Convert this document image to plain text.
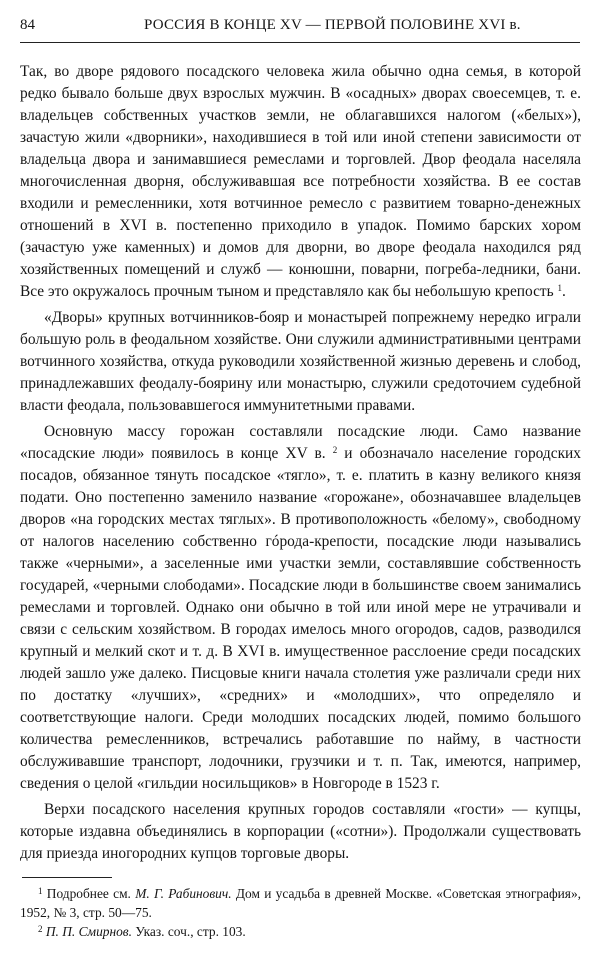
84	РОССИЯ В КОНЦЕ XV — ПЕРВОЙ ПОЛОВИНЕ XVI в.

Так, во дворе рядового посадского человека жила обычно одна семья, в которой редко бывало больше двух взрослых мужчин. В «осадных» дворах своесемцев, т. е. владельцев собственных участков земли, не облагавшихся налогом («белых»), зачастую жили «дворники», находившиеся в той или иной степени зависимости от владельца двора и занимавшиеся ремеслами и торговлей. Двор феодала населяла многочисленная дворня, обслуживавшая все потребности хозяйства. В ее состав входили и ремесленники, хотя вотчинное ремесло с развитием товарно-денежных отношений в XVI в. постепенно приходило в упадок. Помимо барских хором (зачастую уже каменных) и домов для дворни, во дворе феодала находился ряд хозяйственных помещений и служб — конюшни, поварни, погреба-ледники, бани. Все это окружалось прочным тыном и представляло как бы небольшую крепость $^1$.

«Дворы» крупных вотчинников-бояр и монастырей попрежнему нередко играли большую роль в феодальном хозяйстве. Они служили административными центрами вотчинного хозяйства, откуда руководили хозяйственной жизнью деревень и слобод, принадлежавших феодалу-боярину или монастырю, служили средоточием судебной власти феодала, пользовавшегося иммунитетными правами.

Основную массу горожан составляли посадские люди. Само название «посадские люди» появилось в конце XV в. $^2$ и обозначало население городских посадов, обязанное тянуть посадское «тягло», т. е. платить в казну великого князя подати. Оно постепенно заменило название «горожане», обозначавшее владельцев дворов «на городских местах тяглых». В противоположность «белому», свободному от налогов населению собственно гóрода-крепости, посадские люди назывались также «черными», а заселенные ими участки земли, составлявшие собственность государей, «черными слободами». Посадские люди в большинстве своем занимались ремеслами и торговлей. Однако они обычно в той или иной мере не утрачивали и связи с сельским хозяйством. В городах имелось много огородов, садов, разводился крупный и мелкий скот и т. д. В XVI в. имущественное расслоение среди посадских людей зашло уже далеко. Писцовые книги начала столетия уже различали среди них по достатку «лучших», «средних» и «молодших», что определяло и соответствующие налоги. Среди молодших посадских людей, помимо большого количества ремесленников, встречались работавшие по найму, в частности обслуживавшие транспорт, лодочники, грузчики и т. п. Так, имеются, например, сведения о целой «гильдии носильщиков» в Новгороде в 1523 г.

Верхи посадского населения крупных городов составляли «гости» — купцы, которые издавна объединялись в корпорации («сотни»). Продолжали существовать для приезда иногородних купцов торговые дворы.

$^1$ Подробнее см. М. Г. Рабинович. Дом и усадьба в древней Москве. «Советская этнография», 1952, № 3, стр. 50—75.

$^2$ П. П. Смирнов. Указ. соч., стр. 103.
